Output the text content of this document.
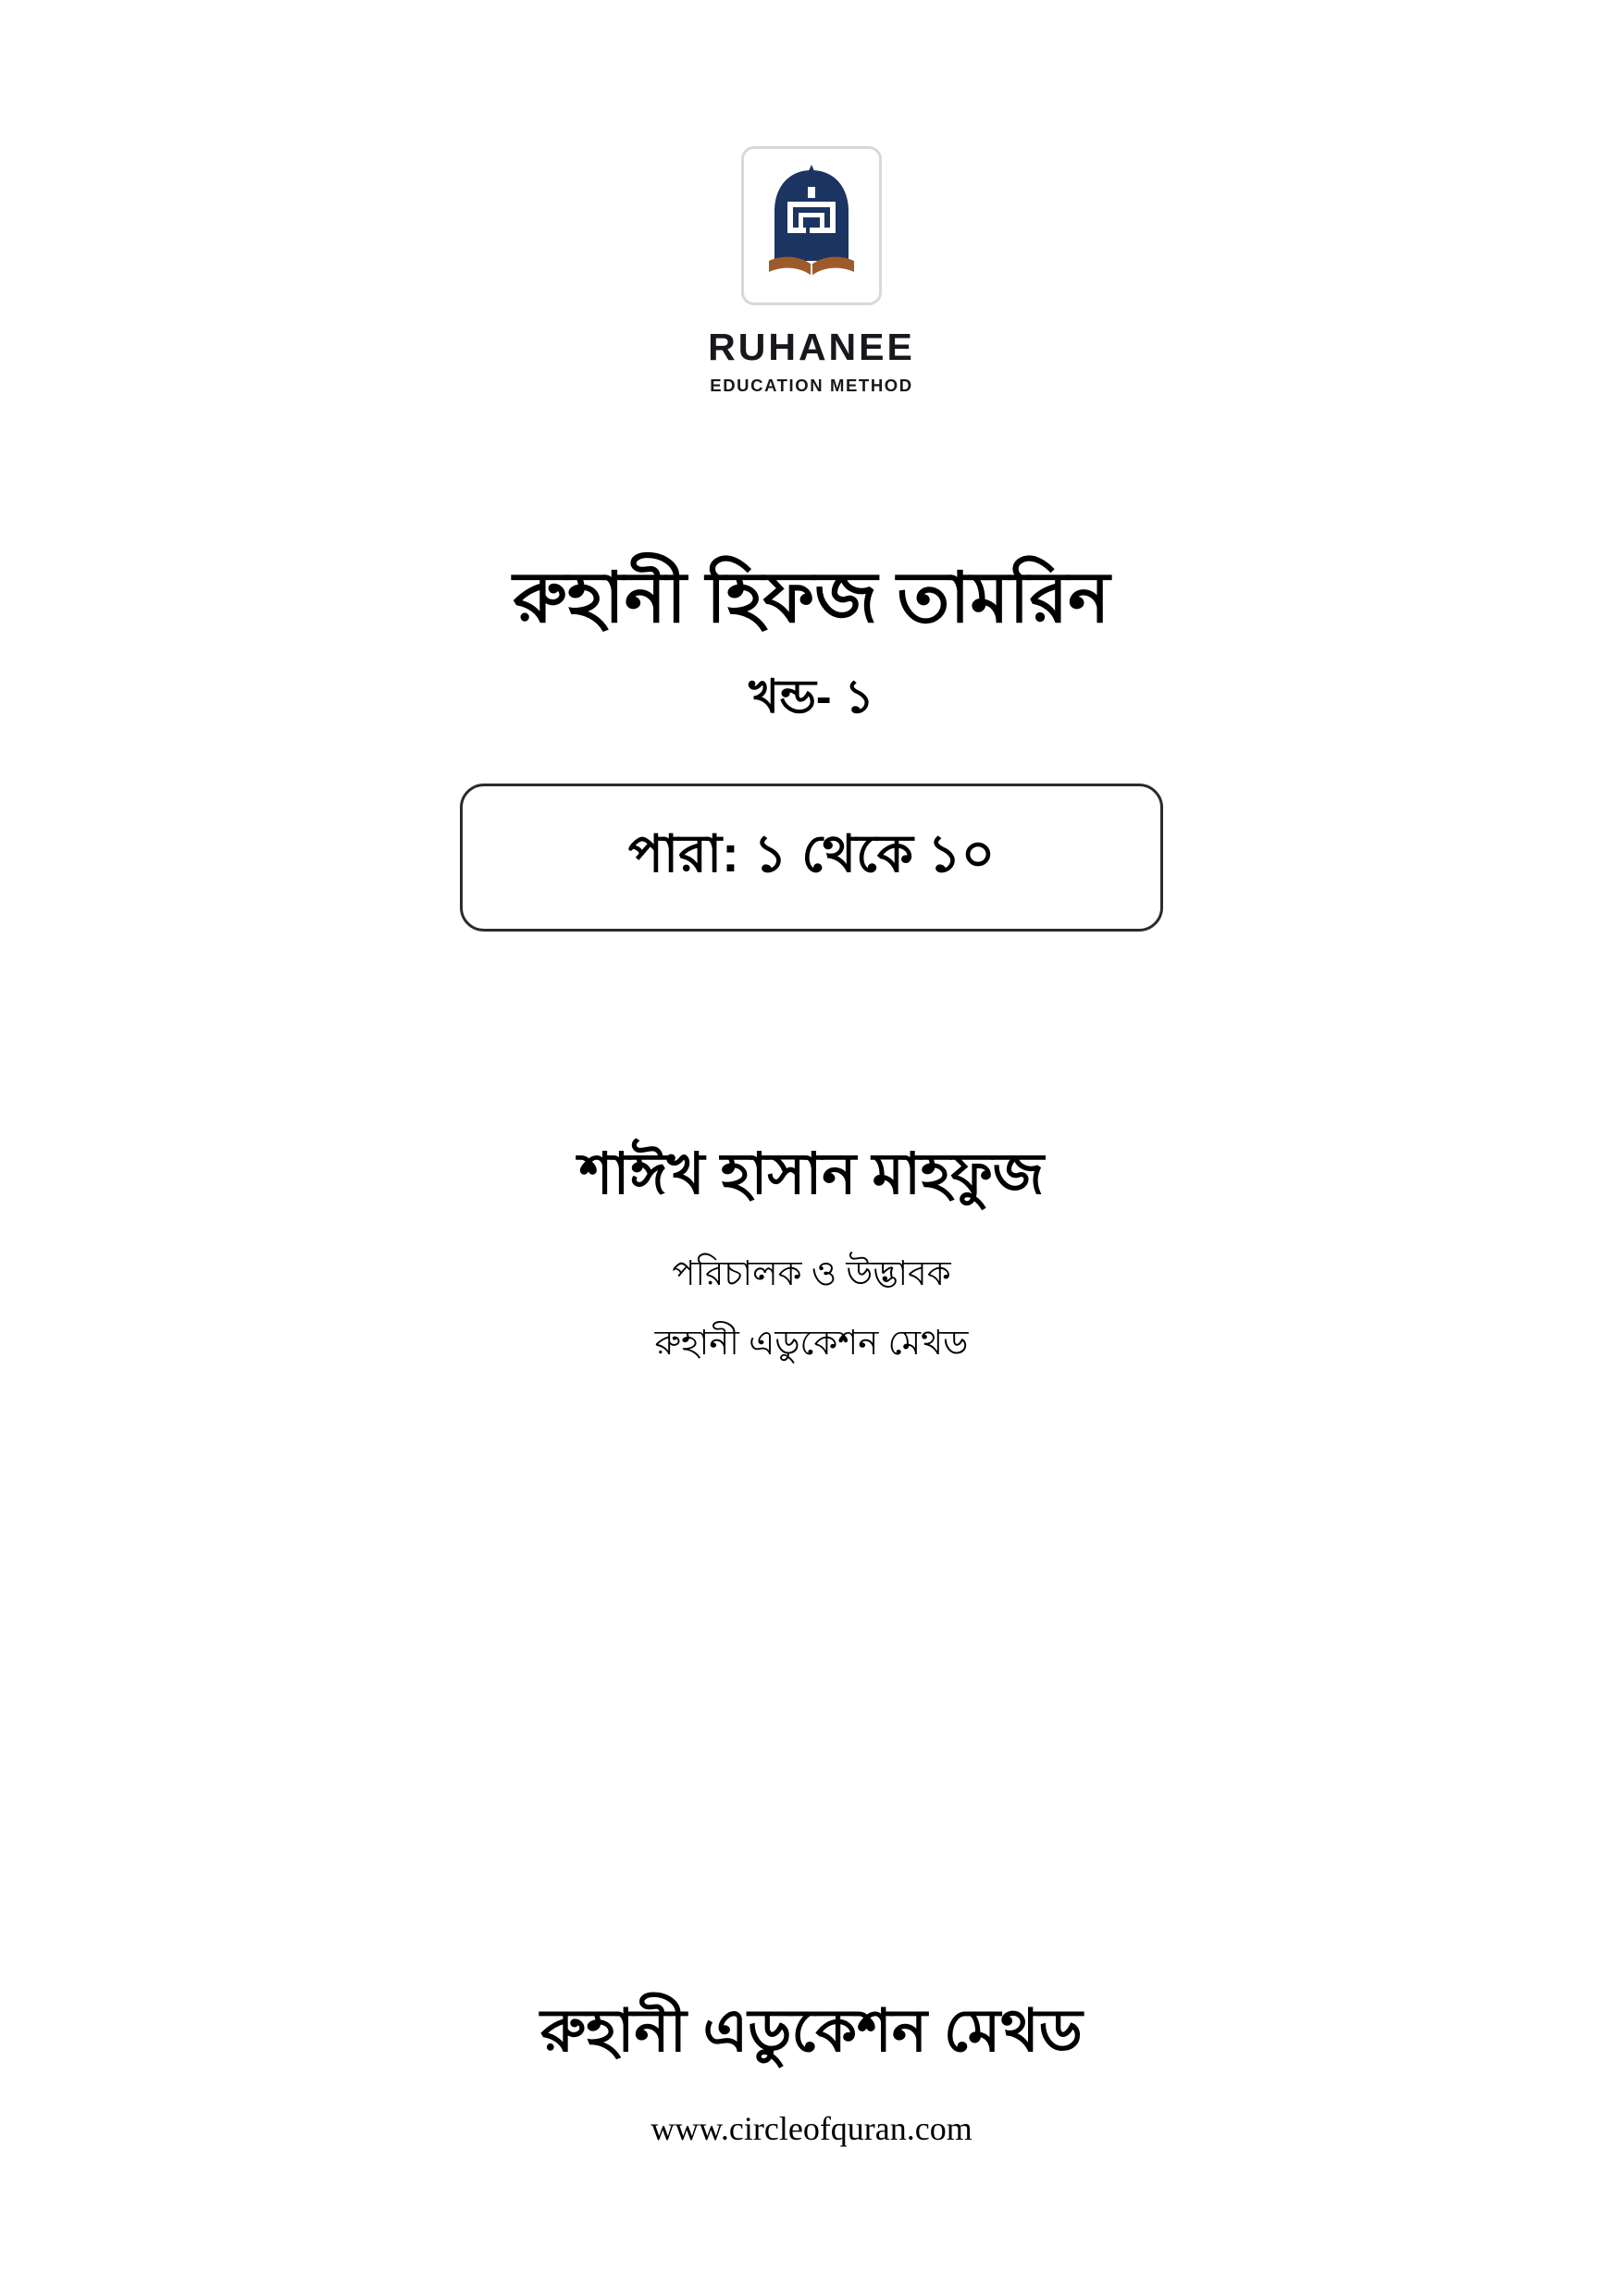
RUHANEE
EDUCATION METHOD
রুহানী হিফজ তামরিন
খন্ড- ১
পারা: ১ থেকে ১০
শাঈখ হাসান মাহফুজ
পরিচালক ও উদ্ভাবক
রুহানী এডুকেশন মেথড
রুহানী এডুকেশন মেথড
www.circleofquran.com
